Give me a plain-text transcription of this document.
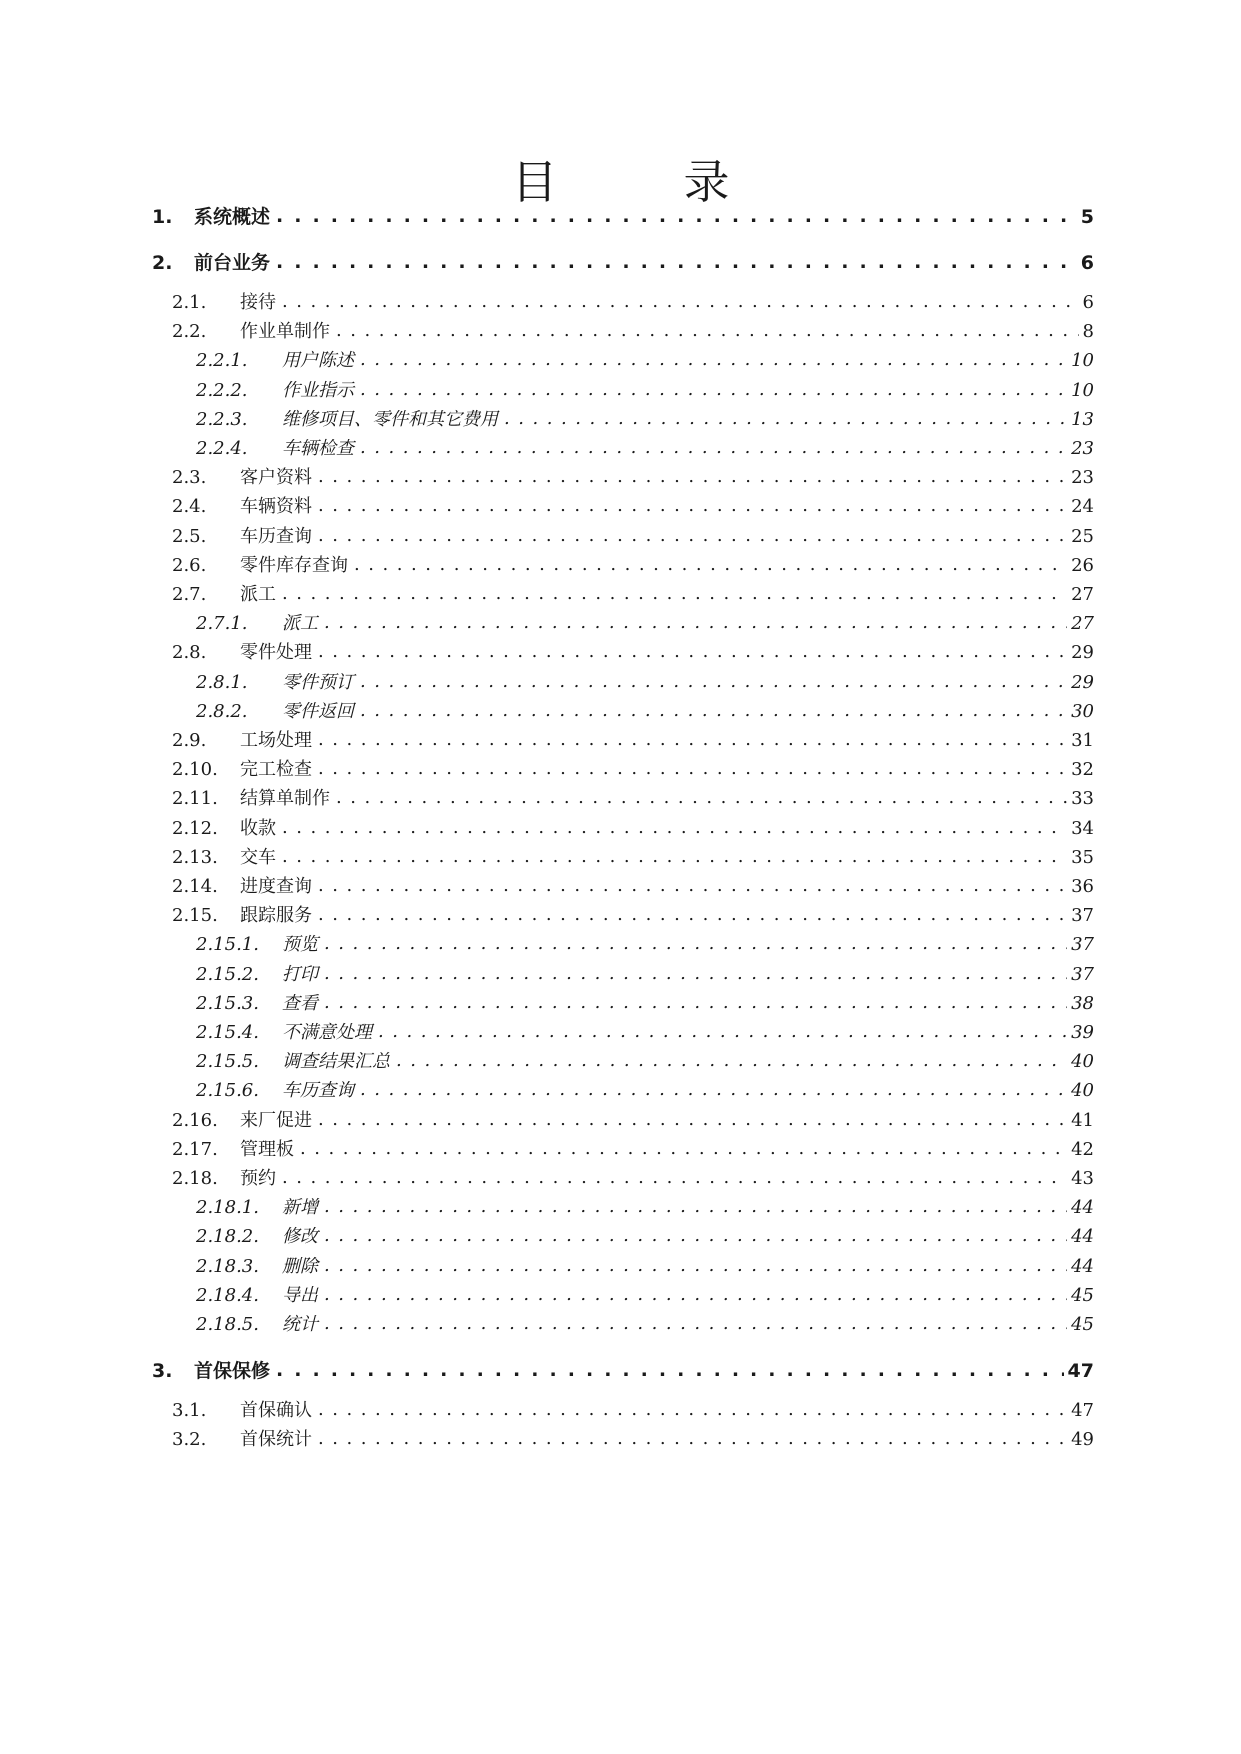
目　录
1.	系统概述 . . .	5
2.	前台业务 . . .	6
2.1.	接待 . . .	6
2.2.	作业单制作 . . .	8
2.2.1.	用户陈述 . . .	10
2.2.2.	作业指示 . . .	10
2.2.3.	维修项目、零件和其它费用 . . .	13
2.2.4.	车辆检查 . . .	23
2.3.	客户资料 . . .	23
2.4.	车辆资料 . . .	24
2.5.	车历查询 . . .	25
2.6.	零件库存查询 . . .	26
2.7.	派工 . . .	27
2.7.1.	派工 . . .	27
2.8.	零件处理 . . .	29
2.8.1.	零件预订 . . .	29
2.8.2.	零件返回 . . .	30
2.9.	工场处理 . . .	31
2.10.	完工检查 . . .	32
2.11.	结算单制作 . . .	33
2.12.	收款 . . .	34
2.13.	交车 . . .	35
2.14.	进度查询 . . .	36
2.15.	跟踪服务 . . .	37
2.15.1.	预览 . . .	37
2.15.2.	打印 . . .	37
2.15.3.	查看 . . .	38
2.15.4.	不满意处理 . . .	39
2.15.5.	调查结果汇总 . . .	40
2.15.6.	车历查询 . . .	40
2.16.	来厂促进 . . .	41
2.17.	管理板 . . .	42
2.18.	预约 . . .	43
2.18.1.	新增 . . .	44
2.18.2.	修改 . . .	44
2.18.3.	删除 . . .	44
2.18.4.	导出 . . .	45
2.18.5.	统计 . . .	45
3.	首保保修 . . .	47
3.1.	首保确认 . . .	47
3.2.	首保统计 . . .	49
